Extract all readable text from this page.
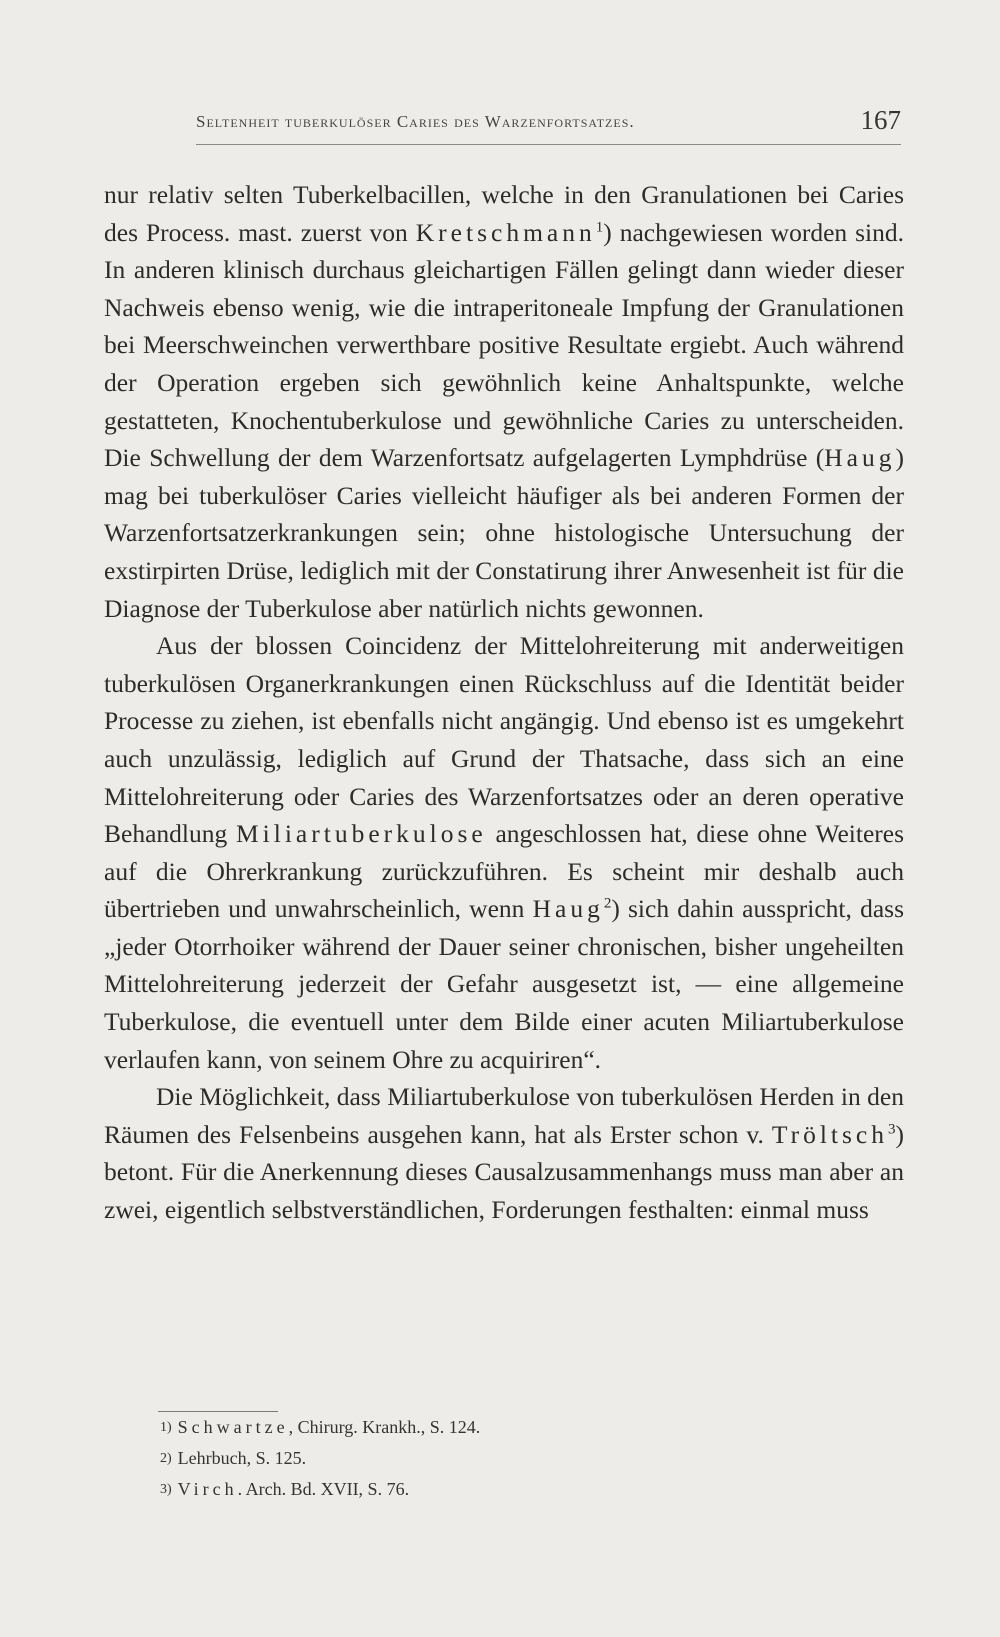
Seltenheit tuberkulöser Caries des Warzenfortsatzes.	167

nur relativ selten Tuberkelbacillen, welche in den Granulationen bei Caries des Process. mast. zuerst von Kretschmann$^1$) nachgewiesen worden sind. In anderen klinisch durchaus gleichartigen Fällen gelingt dann wieder dieser Nachweis ebenso wenig, wie die intraperitoneale Impfung der Granulationen bei Meerschweinchen verwerthbare positive Resultate ergiebt. Auch während der Operation ergeben sich gewöhnlich keine Anhaltspunkte, welche gestatteten, Knochentuberkulose und gewöhnliche Caries zu unterscheiden. Die Schwellung der dem Warzenfortsatz aufgelagerten Lymphdrüse (Haug) mag bei tuberkulöser Caries vielleicht häufiger als bei anderen Formen der Warzenfortsatzerkrankungen sein; ohne histologische Untersuchung der exstirpirten Drüse, lediglich mit der Constatirung ihrer Anwesenheit ist für die Diagnose der Tuberkulose aber natürlich nichts gewonnen.

Aus der blossen Coincidenz der Mittelohreiterung mit anderweitigen tuberkulösen Organerkrankungen einen Rückschluss auf die Identität beider Processe zu ziehen, ist ebenfalls nicht angängig. Und ebenso ist es umgekehrt auch unzulässig, lediglich auf Grund der Thatsache, dass sich an eine Mittelohreiterung oder Caries des Warzenfortsatzes oder an deren operative Behandlung Miliartuberkulose angeschlossen hat, diese ohne Weiteres auf die Ohrerkrankung zurückzuführen. Es scheint mir deshalb auch übertrieben und unwahrscheinlich, wenn Haug$^2$) sich dahin ausspricht, dass „jeder Otorrhoiker während der Dauer seiner chronischen, bisher ungeheilten Mittelohreiterung jederzeit der Gefahr ausgesetzt ist, — eine allgemeine Tuberkulose, die eventuell unter dem Bilde einer acuten Miliartuberkulose verlaufen kann, von seinem Ohre zu acquiriren“.

Die Möglichkeit, dass Miliartuberkulose von tuberkulösen Herden in den Räumen des Felsenbeins ausgehen kann, hat als Erster schon v. Tröltsch$^3$) betont. Für die Anerkennung dieses Causalzusammenhangs muss man aber an zwei, eigentlich selbstverständlichen, Forderungen festhalten: einmal muss

1) Schwartze, Chirurg. Krankh., S. 124.
2) Lehrbuch, S. 125.
3) Virch. Arch. Bd. XVII, S. 76.
